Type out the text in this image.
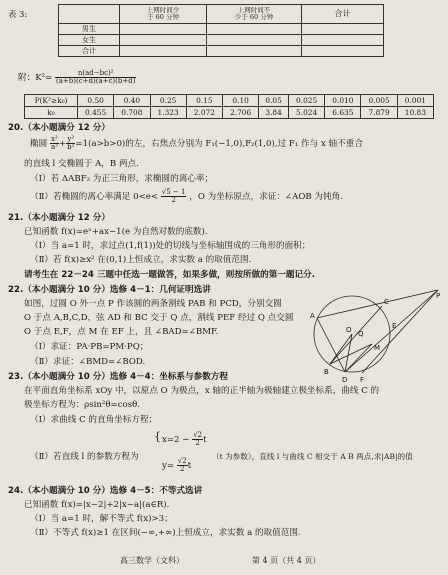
表 3:
		上网时间少
于 60 分钟	上网时间不
少于 60 分钟	合计
男生			
女生			
合计			
附：$K^2= \frac{\text{n(ad−bc)²}}{(a+b)(c+d)(a+c)(b+d)}$
P(K²≥k₀)	0.50	0.40	0.25	0.15	0.10	0.05	0.025	0.010	0.005	0.001
k₀	0.455	0.708	1.323	2.072	2.706	3.84	5.024	6.635	7.879	10.83
20.（本小题满分 12 分）
椭圆 $\frac{\text{x²}}{\text{a²}} + \frac{\text{y²}}{\text{b²}} =1(a>b>0)$的左，右焦点分别为 F₁(−1,0),F₂(1,0),过 F₁ 作与 x 轴不重合
的直线 l 交椭圆于 A，B 两点.
（Ⅰ）若 ΔABF₂ 为正三角形，求椭圆的离心率；
（Ⅱ）若椭圆的离心率满足 $0<e< \frac{√5 - 1}{2}$ ，O 为坐标原点，求证：∠AOB 为钝角.
21.（本小题满分 12 分）
已知函数 f(x)=eˣ+ax−1(e 为自然对数的底数).
（Ⅰ）当 a=1 时，求过点(1,f(1))处的切线与坐标轴围成的三角形的面积；
（Ⅱ）若 f(x)≥x² 在(0,1)上恒成立，求实数 a 的取值范围.
请考生在 22－24 三题中任选一题做答，如果多做，则按所做的第一题记分.
22.（本小题满分 10 分）选修 4－1：几何证明选讲
如图，过圆 O 外一点 P 作该圆的两条割线 PAB 和 PCD，分别交圆
O 于点 A,B,C,D，弦 AD 和 BC 交于 Q 点，割线 PEF 经过 Q 点交圆
O 于点 E,F，点 M 在 EF 上，且 ∠BAD=∠BMF.
（Ⅰ）求证：PA·PB=PM·PQ；
（Ⅱ）求证：∠BMD=∠BOD.
A
B
C
D
E
F
M
O
P
Q
23.（本小题满分 10 分）选修 4－4：坐标系与参数方程
在平面直角坐标系 xOy 中，以原点 O 为极点，x 轴的正半轴为极轴建立极坐标系，曲线 C 的
极坐标方程为：ρsin²θ=cosθ.
（Ⅰ）求曲线 C 的直角坐标方程；
（Ⅱ）若直线 l 的参数方程为
{ $x=2 - \frac{√2}{2}$ t
$y= \frac{√2}{2}$ t
（t 为参数），直线 l 与曲线 C 相交于 A B 两点,求|AB|的值
24.（本小题满分 10 分）选修 4－5：不等式选讲
已知函数 f(x)=|x−2|+2|x−a|(a∈R).
（Ⅰ）当 a=1 时，解不等式 f(x)>3；
（Ⅱ）不等式 f(x)≥1 在区间(−∞,+∞)上恒成立，求实数 a 的取值范围.
高三数学（文科）	第 4 页（共 4 页）
